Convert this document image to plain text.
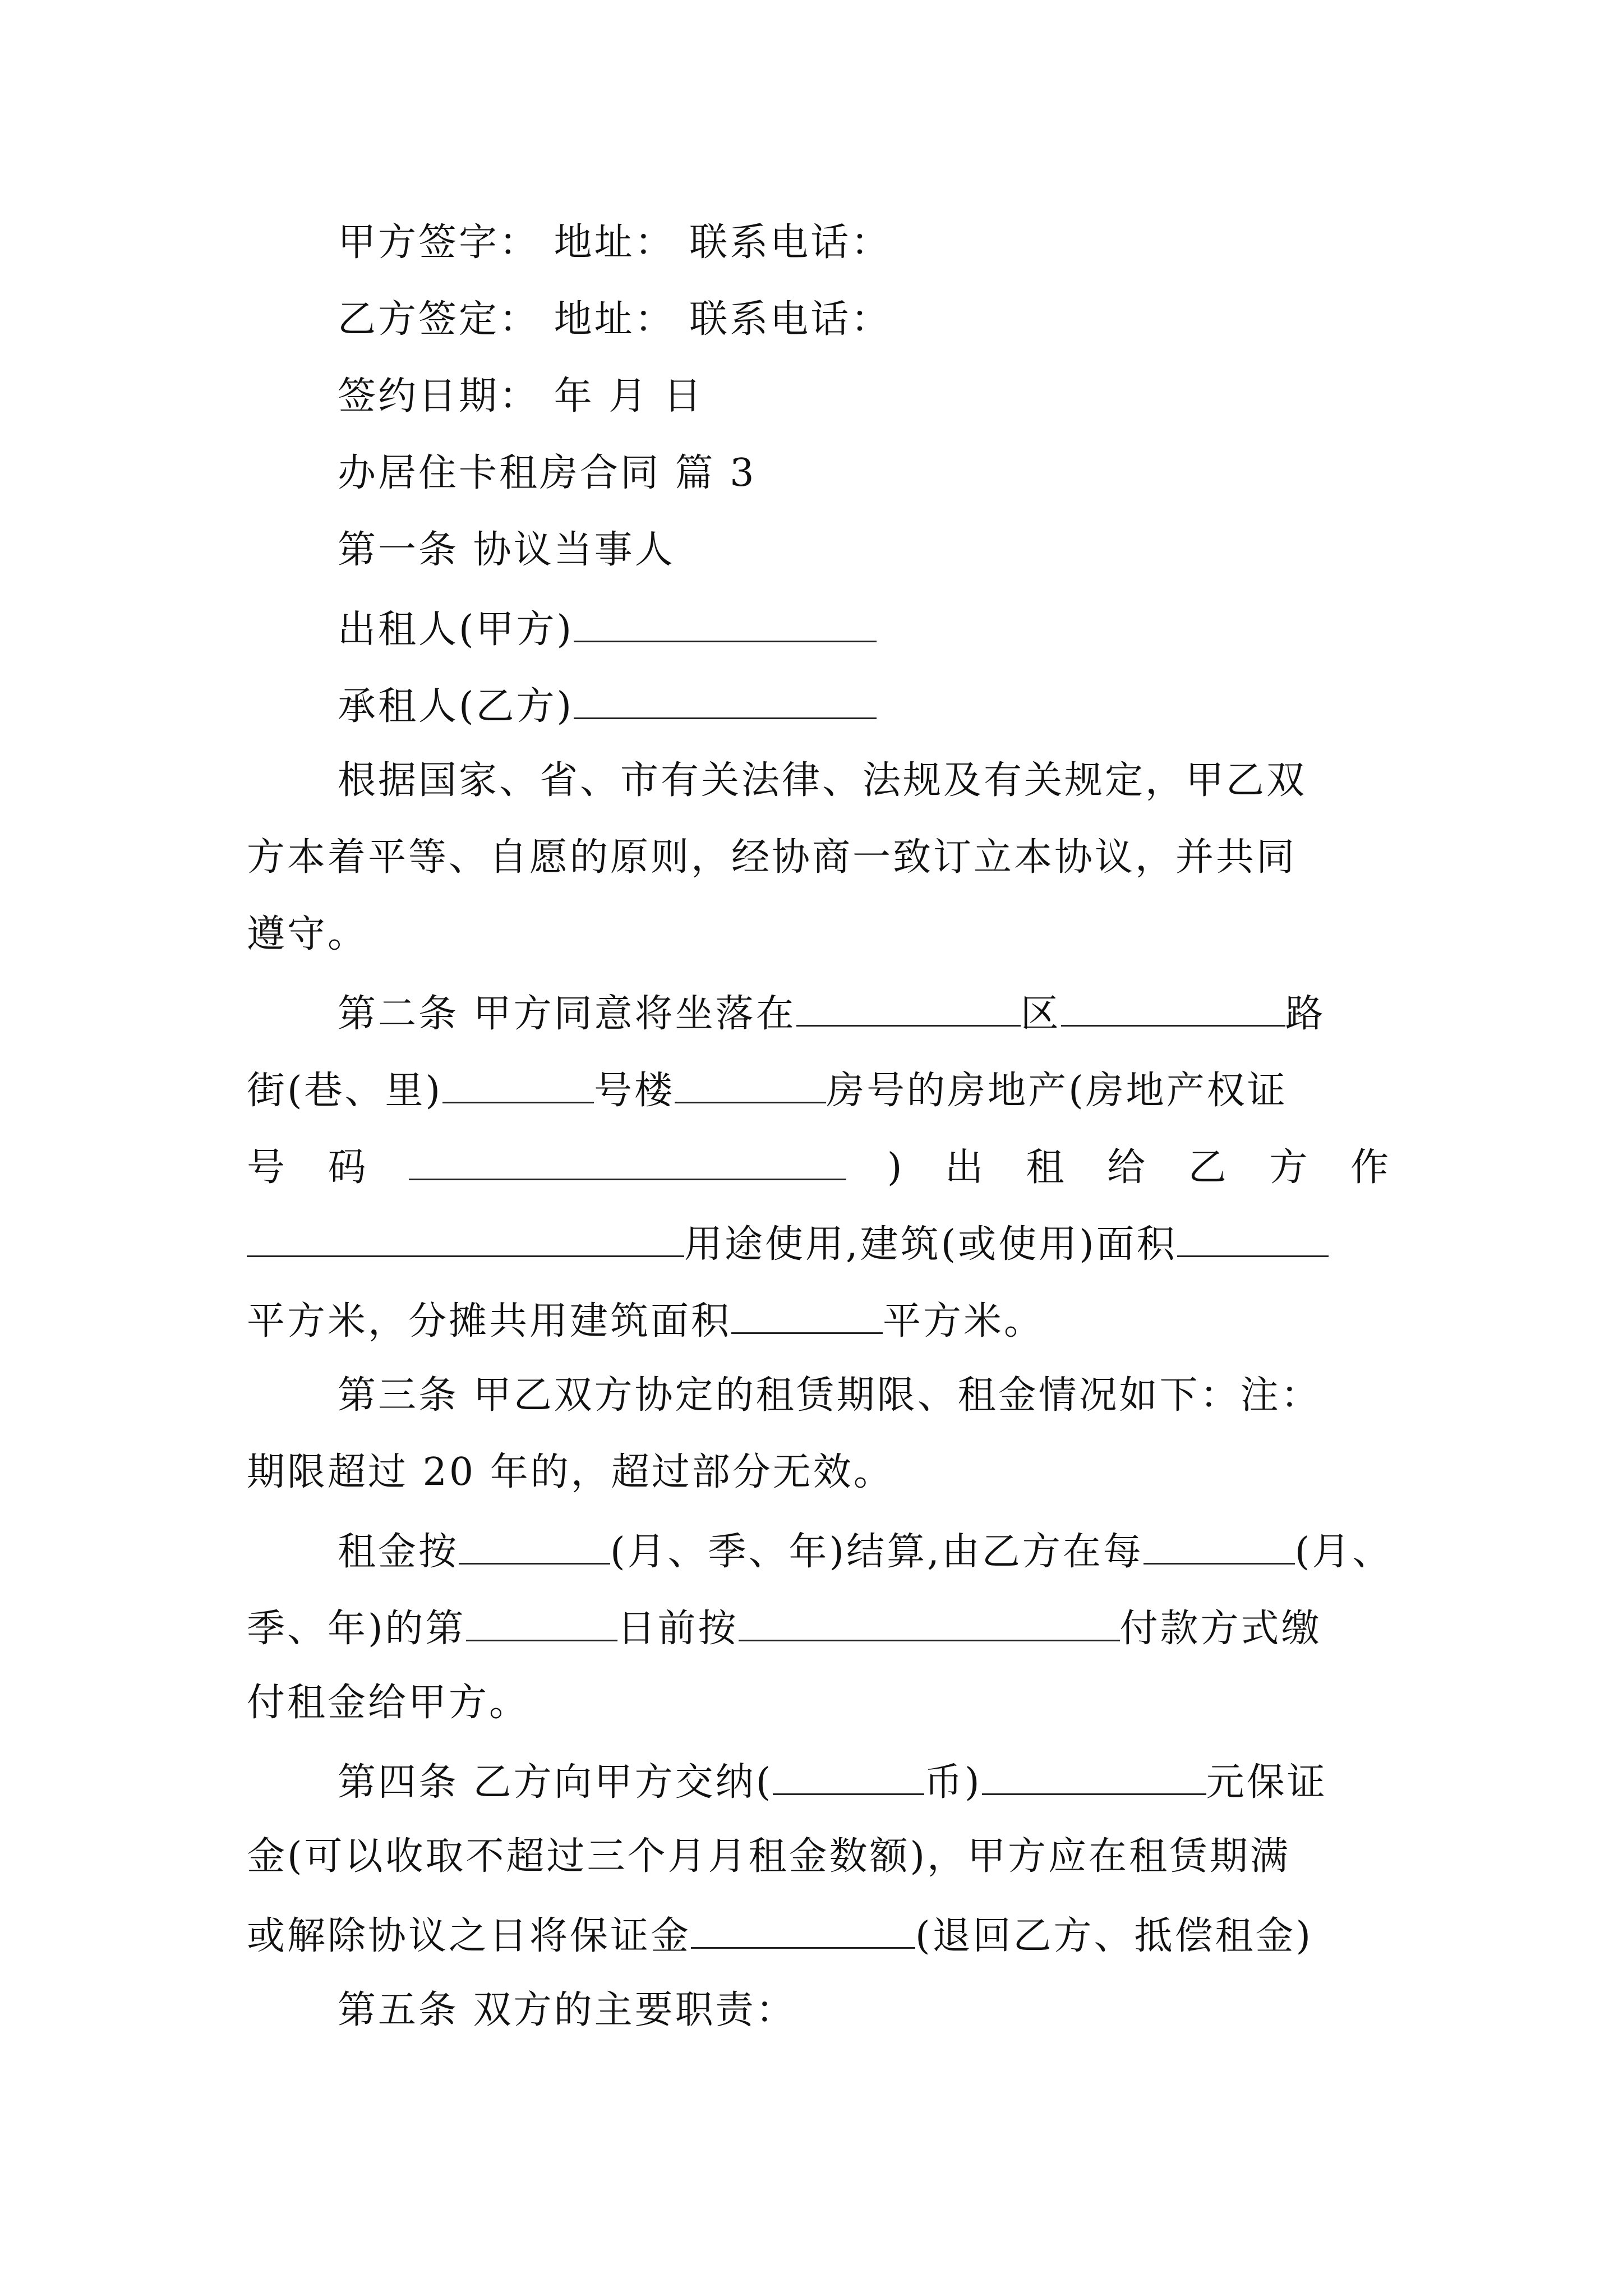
甲方签字： 地址： 联系电话：
乙方签定： 地址： 联系电话：
签约日期： 年 月 日
办居住卡租房合同 篇 3
第一条 协议当事人
出租人(甲方)
承租人(乙方)
根据国家、省、市有关法律、法规及有关规定，甲乙双
方本着平等、自愿的原则，经协商一致订立本协议，并共同
遵守。
第二条 甲方同意将坐落在	区	路
街(巷、里)	号楼	房号的房地产(房地产权证
号 码	) 出 租 给 乙 方 作
用途使用,建筑(或使用)面积
平方米，分摊共用建筑面积	平方米。
第三条 甲乙双方协定的租赁期限、租金情况如下：注：
期限超过 20 年的，超过部分无效。
租金按	(月、季、年)结算,由乙方在每	(月、
季、年)的第	日前按	付款方式缴
付租金给甲方。
第四条 乙方向甲方交纳(	币)	元保证
金(可以收取不超过三个月月租金数额)，甲方应在租赁期满
或解除协议之日将保证金	(退回乙方、抵偿租金)
第五条 双方的主要职责：
